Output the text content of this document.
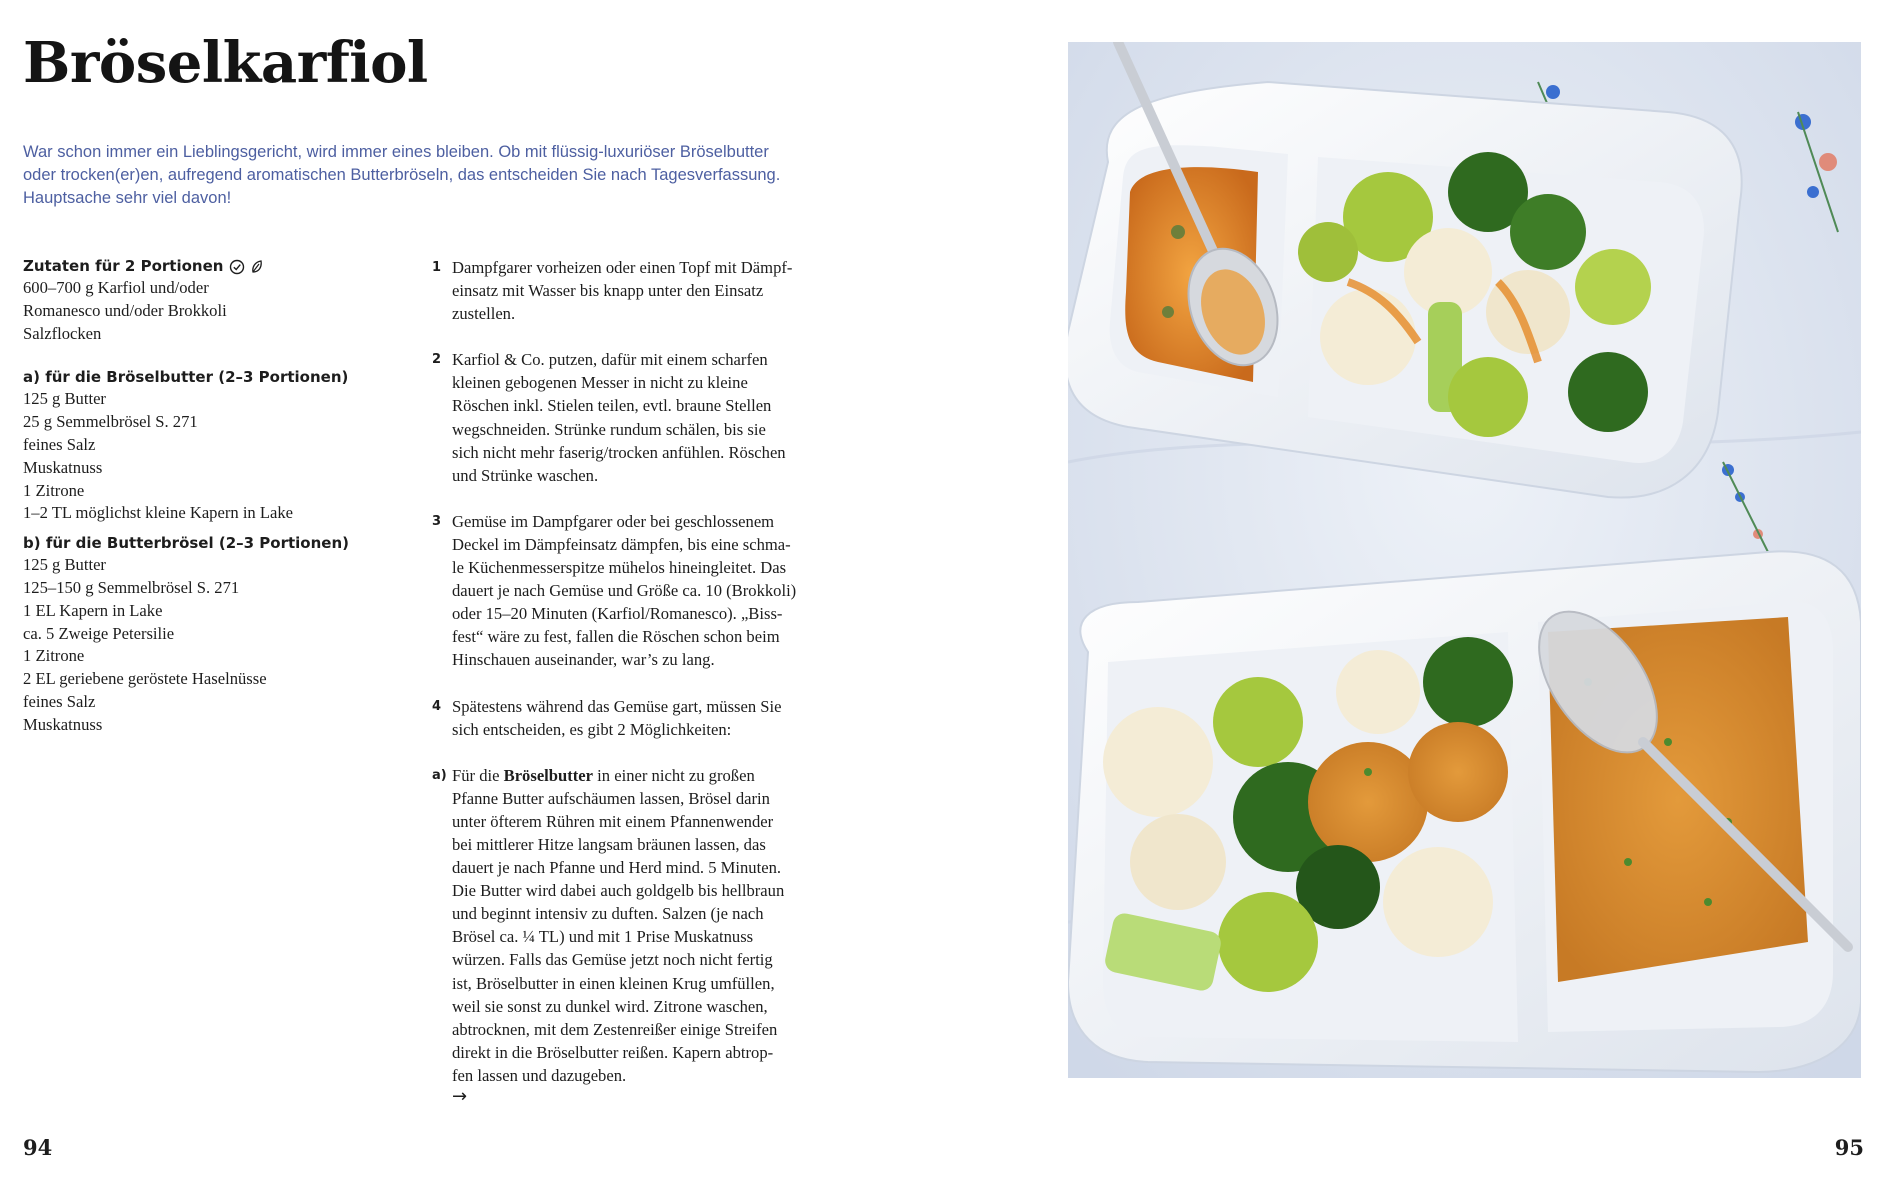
Bröselkarfiol

War schon immer ein Lieblingsgericht, wird immer eines bleiben. Ob mit flüssig-luxuriöser Bröselbutter
oder trocken(er)en, aufregend aromatischen Butterbröseln, das entscheiden Sie nach Tagesverfassung.
Hauptsache sehr viel davon!

Zutaten für 2 Portionen
600–700 g Karfiol und/oder
Romanesco und/oder Brokkoli
Salzflocken
a) für die Bröselbutter (2–3 Portionen)
125 g Butter
25 g Semmelbrösel S. 271
feines Salz
Muskatnuss
1 Zitrone
1–2 TL möglichst kleine Kapern in Lake
b) für die Butterbrösel (2–3 Portionen)
125 g Butter
125–150 g Semmelbrösel S. 271
1 EL Kapern in Lake
ca. 5 Zweige Petersilie
1 Zitrone
2 EL geriebene geröstete Haselnüsse
feines Salz
Muskatnuss
1 Dampfgarer vorheizen oder einen Topf mit Dämpf-
einsatz mit Wasser bis knapp unter den Einsatz
zustellen.
2 Karfiol & Co. putzen, dafür mit einem scharfen
kleinen gebogenen Messer in nicht zu kleine
Röschen inkl. Stielen teilen, evtl. braune Stellen
wegschneiden. Strünke rundum schälen, bis sie
sich nicht mehr faserig/trocken anfühlen. Röschen
und Strünke waschen.
3 Gemüse im Dampfgarer oder bei geschlossenem
Deckel im Dämpfeinsatz dämpfen, bis eine schma-
le Küchenmesserspitze mühelos hineingleitet. Das
dauert je nach Gemüse und Größe ca. 10 (Brokkoli)
oder 15–20 Minuten (Karfiol/Romanesco). „Biss-
fest“ wäre zu fest, fallen die Röschen schon beim
Hinschauen auseinander, war’s zu lang.
4 Spätestens während das Gemüse gart, müssen Sie
sich entscheiden, es gibt 2 Möglichkeiten:
a) Für die Bröselbutter in einer nicht zu großen
Pfanne Butter aufschäumen lassen, Brösel darin
unter öfterem Rühren mit einem Pfannenwender
bei mittlerer Hitze langsam bräunen lassen, das
dauert je nach Pfanne und Herd mind. 5 Minuten.
Die Butter wird dabei auch goldgelb bis hellbraun
und beginnt intensiv zu duften. Salzen (je nach
Brösel ca. ¼ TL) und mit 1 Prise Muskatnuss
würzen. Falls das Gemüse jetzt noch nicht fertig
ist, Bröselbutter in einen kleinen Krug umfüllen,
weil sie sonst zu dunkel wird. Zitrone waschen,
abtrocknen, mit dem Zestenreißer einige Streifen
direkt in die Bröselbutter reißen. Kapern abtrop-
fen lassen und dazugeben.
→
94	95
